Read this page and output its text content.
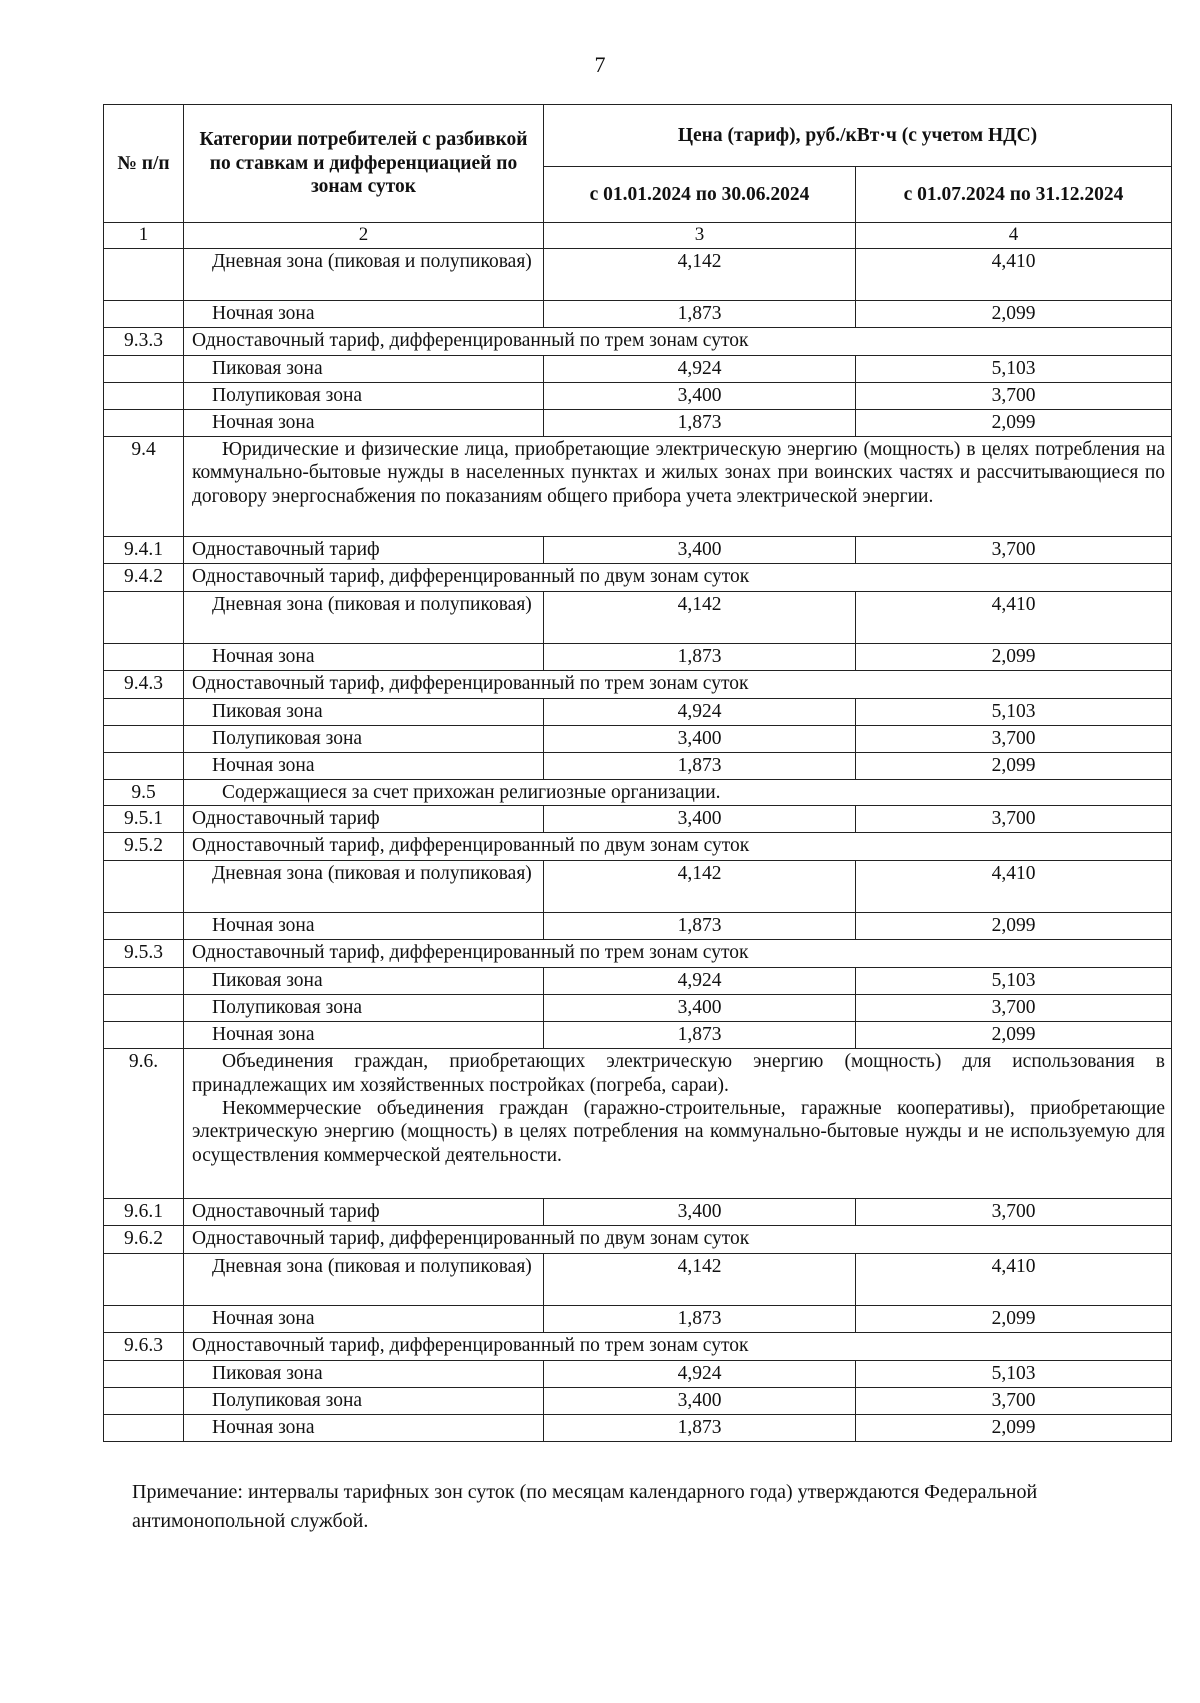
7
№ п/п	Категории потребителей с разбивкой по ставкам и дифференциацией по зонам суток	Цена (тариф), руб./кВт·ч (с учетом НДС)	
		с 01.01.2024 по 30.06.2024	с 01.07.2024 по 31.12.2024
1	2	3	4
	Дневная зона (пиковая и полупиковая)	4,142	4,410
	Ночная зона	1,873	2,099
9.3.3	Одноставочный тариф, дифференцированный по трем зонам суток		
	Пиковая зона	4,924	5,103
	Полупиковая зона	3,400	3,700
	Ночная зона	1,873	2,099
9.4	Юридические и физические лица, приобретающие электрическую энергию (мощность) в целях потребления на коммунально-бытовые нужды в населенных пунктах и жилых зонах при воинских частях и рассчитывающиеся по договору энергоснабжения по показаниям общего прибора учета электрической энергии.		

9.4.1	Одноставочный тариф	3,400	3,700
9.4.2	Одноставочный тариф, дифференцированный по двум зонам суток		
	Дневная зона (пиковая и полупиковая)	4,142	4,410
	Ночная зона	1,873	2,099
9.4.3	Одноставочный тариф, дифференцированный по трем зонам суток		
	Пиковая зона	4,924	5,103
	Полупиковая зона	3,400	3,700
	Ночная зона	1,873	2,099
9.5	Содержащиеся за счет прихожан религиозные организации.		

9.5.1	Одноставочный тариф	3,400	3,700
9.5.2	Одноставочный тариф, дифференцированный по двум зонам суток		
	Дневная зона (пиковая и полупиковая)	4,142	4,410
	Ночная зона	1,873	2,099
9.5.3	Одноставочный тариф, дифференцированный по трем зонам суток		
	Пиковая зона	4,924	5,103
	Полупиковая зона	3,400	3,700
	Ночная зона	1,873	2,099
9.6.	Объединения граждан, приобретающих электрическую энергию (мощность) для использования в принадлежащих им хозяйственных постройках (погреба, сараи).
Некоммерческие объединения граждан (гаражно-строительные, гаражные кооперативы), приобретающие электрическую энергию (мощность) в целях потребления на коммунально-бытовые нужды и не используемую для осуществления коммерческой деятельности.		

9.6.1	Одноставочный тариф	3,400	3,700
9.6.2	Одноставочный тариф, дифференцированный по двум зонам суток		
	Дневная зона (пиковая и полупиковая)	4,142	4,410
	Ночная зона	1,873	2,099
9.6.3	Одноставочный тариф, дифференцированный по трем зонам суток		
	Пиковая зона	4,924	5,103
	Полупиковая зона	3,400	3,700
	Ночная зона	1,873	2,099
Примечание: интервалы тарифных зон суток (по месяцам календарного года) утверждаются Федеральной антимонопольной службой.
